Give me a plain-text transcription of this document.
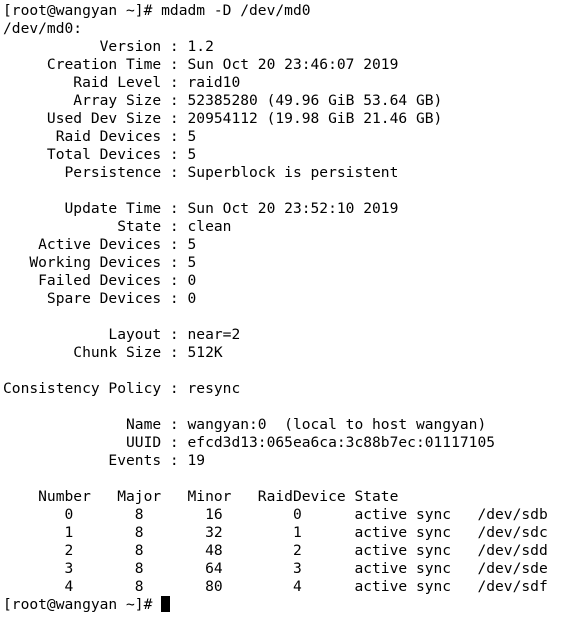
[root@wangyan ~]# mdadm -D /dev/md0
/dev/md0:
Version : 1.2
Creation Time : Sun Oct 20 23:46:07 2019
Raid Level : raid10
Array Size : 52385280 (49.96 GiB 53.64 GB)
Used Dev Size : 20954112 (19.98 GiB 21.46 GB)
Raid Devices : 5
Total Devices : 5
Persistence : Superblock is persistent
Update Time : Sun Oct 20 23:52:10 2019
State : clean
Active Devices : 5
Working Devices : 5
Failed Devices : 0
Spare Devices : 0
Layout : near=2
Chunk Size : 512K
Consistency Policy : resync
Name : wangyan:0  (local to host wangyan)
UUID : efcd3d13:065ea6ca:3c88b7ec:01117105
Events : 19
Number   Major   Minor   RaidDevice State
0       8       16        0      active sync   /dev/sdb
1       8       32        1      active sync   /dev/sdc
2       8       48        2      active sync   /dev/sdd
3       8       64        3      active sync   /dev/sde
4       8       80        4      active sync   /dev/sdf
[root@wangyan ~]#
